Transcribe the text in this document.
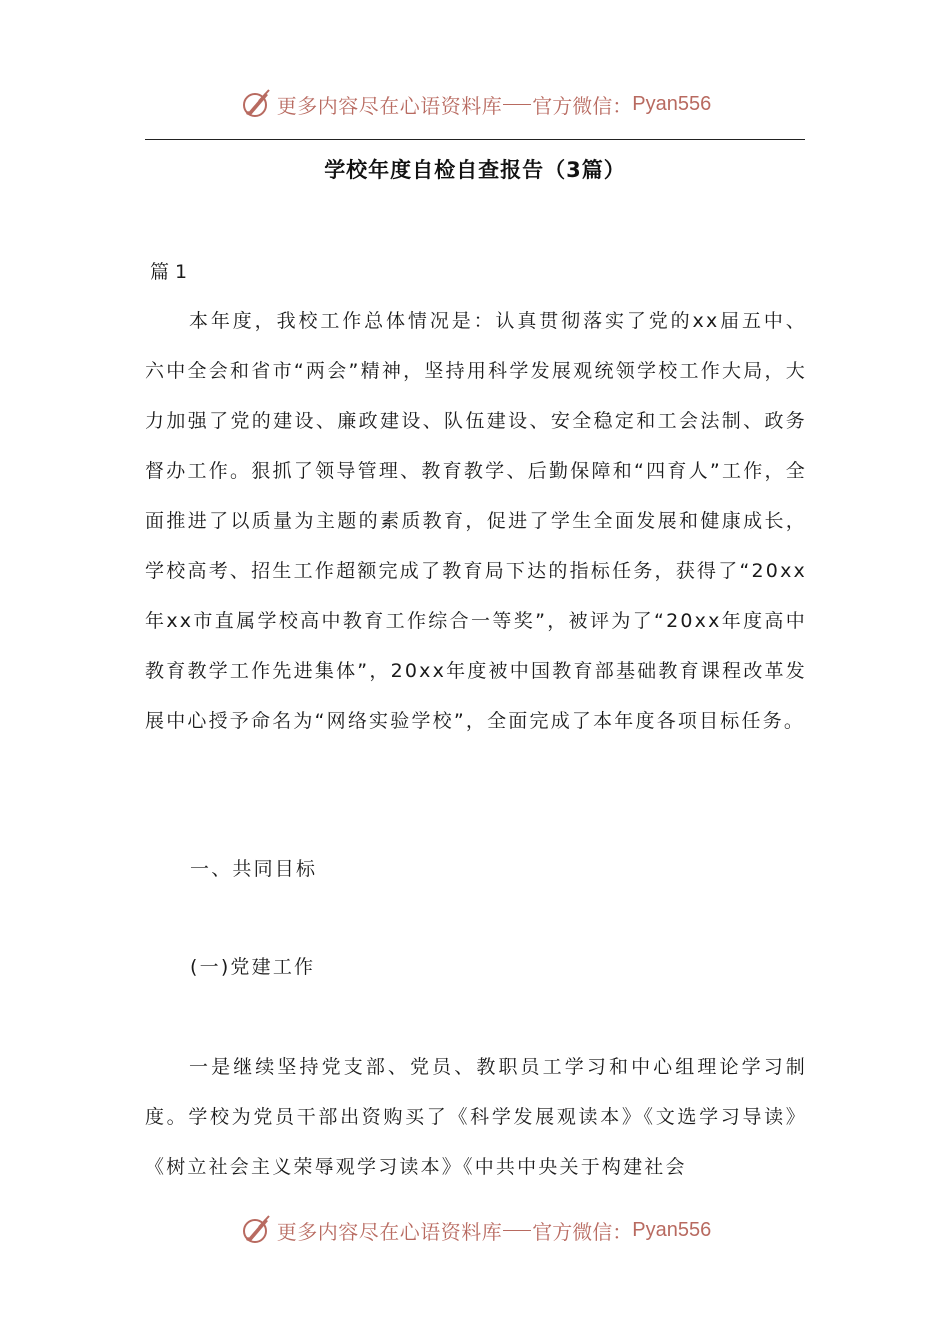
更多内容尽在心语资料库 官方微信： Pyan556
学校年度自检自查报告（3篇）

篇 1

本年度，我校工作总体情况是：认真贯彻落实了党的xx届五中、六中全会和省市“两会”精神，坚持用科学发展观统领学校工作大局，大力加强了党的建设、廉政建设、队伍建设、安全稳定和工会法制、政务督办工作。狠抓了领导管理、教育教学、后勤保障和“四育人”工作，全面推进了以质量为主题的素质教育，促进了学生全面发展和健康成长，学校高考、招生工作超额完成了教育局下达的指标任务，获得了“20xx年xx市直属学校高中教育工作综合一等奖”，被评为了“20xx年度高中教育教学工作先进集体”，20xx年度被中国教育部基础教育课程改革发展中心授予命名为“网络实验学校”，全面完成了本年度各项目标任务。

一、共同目标

(一)党建工作

一是继续坚持党支部、党员、教职员工学习和中心组理论学习制度。学校为党员干部出资购买了《科学发展观读本》《文选学习导读》《树立社会主义荣辱观学习读本》《中共中央关于构建社会

更多内容尽在心语资料库 官方微信： Pyan556
